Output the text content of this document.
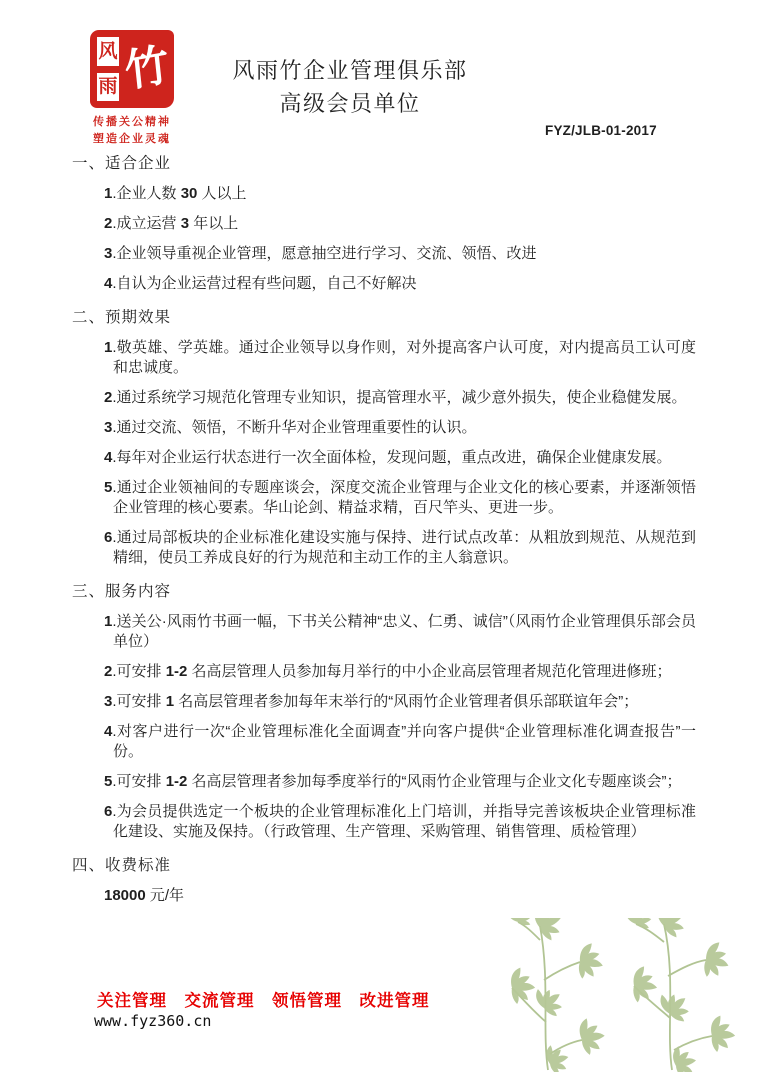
风
雨 竹
传播关公精神
塑造企业灵魂
风雨竹企业管理俱乐部
高级会员单位
FYZ/JLB-01-2017
一、适合企业

1.企业人数 30 人以上

2.成立运营 3 年以上

3.企业领导重视企业管理，愿意抽空进行学习、交流、领悟、改进

4.自认为企业运营过程有些问题，自己不好解决

二、预期效果

1.敬英雄、学英雄。通过企业领导以身作则，对外提高客户认可度，对内提高员工认可度和忠诚度。

2.通过系统学习规范化管理专业知识，提高管理水平，减少意外损失，使企业稳健发展。

3.通过交流、领悟，不断升华对企业管理重要性的认识。

4.每年对企业运行状态进行一次全面体检，发现问题，重点改进，确保企业健康发展。

5.通过企业领袖间的专题座谈会，深度交流企业管理与企业文化的核心要素，并逐渐领悟企业管理的核心要素。华山论剑、精益求精，百尺竿头、更进一步。

6.通过局部板块的企业标准化建设实施与保持、进行试点改革：从粗放到规范、从规范到精细，使员工养成良好的行为规范和主动工作的主人翁意识。

三、服务内容

1.送关公·风雨竹书画一幅，下书关公精神“忠义、仁勇、诚信”（风雨竹企业管理俱乐部会员单位）

2.可安排 1-2 名高层管理人员参加每月举行的中小企业高层管理者规范化管理进修班；

3.可安排 1 名高层管理者参加每年末举行的“风雨竹企业管理者俱乐部联谊年会”；

4.对客户进行一次“企业管理标准化全面调查”并向客户提供“企业管理标准化调查报告”一份。

5.可安排 1-2 名高层管理者参加每季度举行的“风雨竹企业管理与企业文化专题座谈会”；

6.为会员提供选定一个板块的企业管理标准化上门培训，并指导完善该板块企业管理标准化建设、实施及保持。（行政管理、生产管理、采购管理、销售管理、质检管理）

四、收费标准

18000 元/年

关注管理　交流管理　领悟管理　改进管理
www.fyz360.cn
